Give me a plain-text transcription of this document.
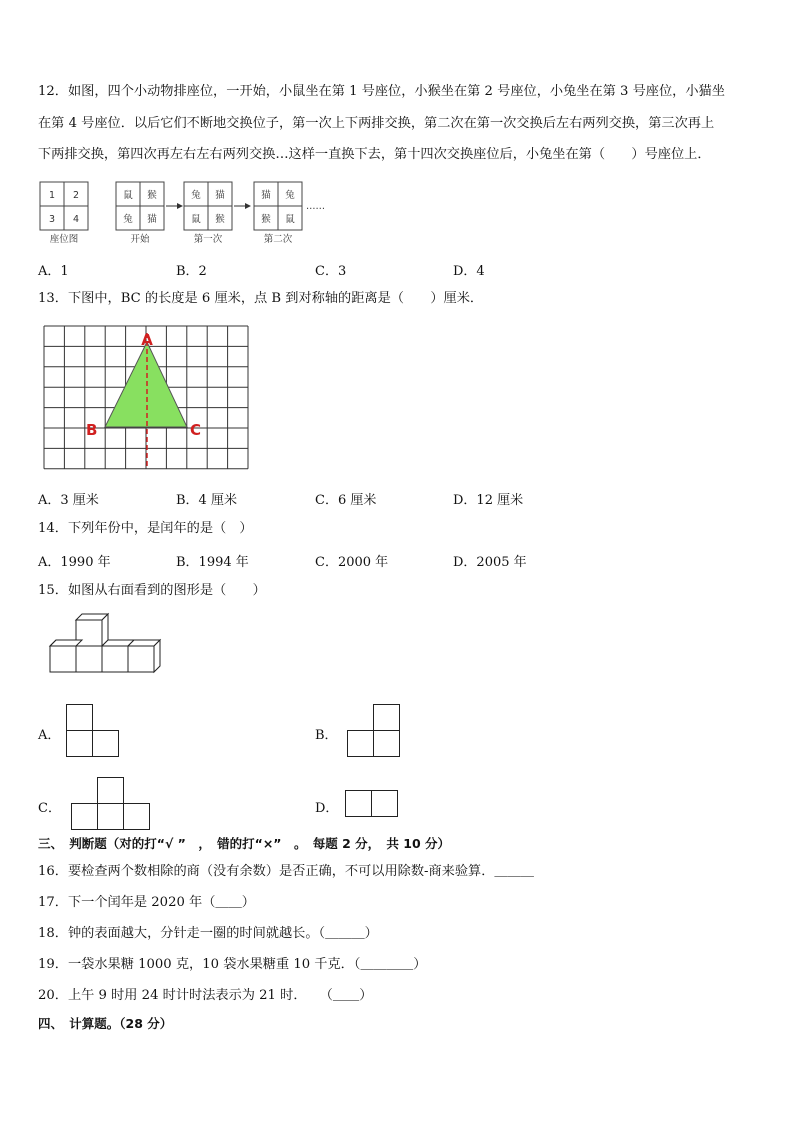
12．如图，四个小动物排座位，一开始，小鼠坐在第 1 号座位，小猴坐在第 2 号座位，小兔坐在第 3 号座位，小猫坐
在第 4 号座位．以后它们不断地交换位子，第一次上下两排交换，第二次在第一次交换后左右两列交换，第三次再上
下两排交换，第四次再左右左右两列交换…这样一直换下去，第十四次交换座位后，小兔坐在第（　　）号座位上．
1 2
3 4
座位图
鼠 猴
兔 猫
开始
兔 猫
鼠 猴
第一次
猫 兔
猴 鼠
第二次
……
A．1	B．2	C．3	D．4
13．下图中，BC 的长度是 6 厘米，点 B 到对称轴的距离是（　　）厘米．
A
B	C
A．3 厘米	B．4 厘米	C．6 厘米	D．12 厘米
14．下列年份中，是闰年的是（　）
A．1990 年	B．1994 年	C．2000 年	D．2005 年
15．如图从右面看到的图形是（　　）
A．	B．
C．	D．
三、　判断题（对的打“√ ”　，　错的打“×”　。　每题 2 分，　共 10 分）
16．要检查两个数相除的商（没有余数）是否正确，不可以用除数-商来验算．＿＿＿
17．下一个闰年是 2020 年（＿＿）
18．钟的表面越大，分针走一圈的时间就越长。（＿＿＿）
19．一袋水果糖 1000 克，10 袋水果糖重 10 千克．（＿＿＿＿）
20．上午 9 时用 24 时计时法表示为 21 时．　　（＿＿）
四、　计算题。（28 分）
